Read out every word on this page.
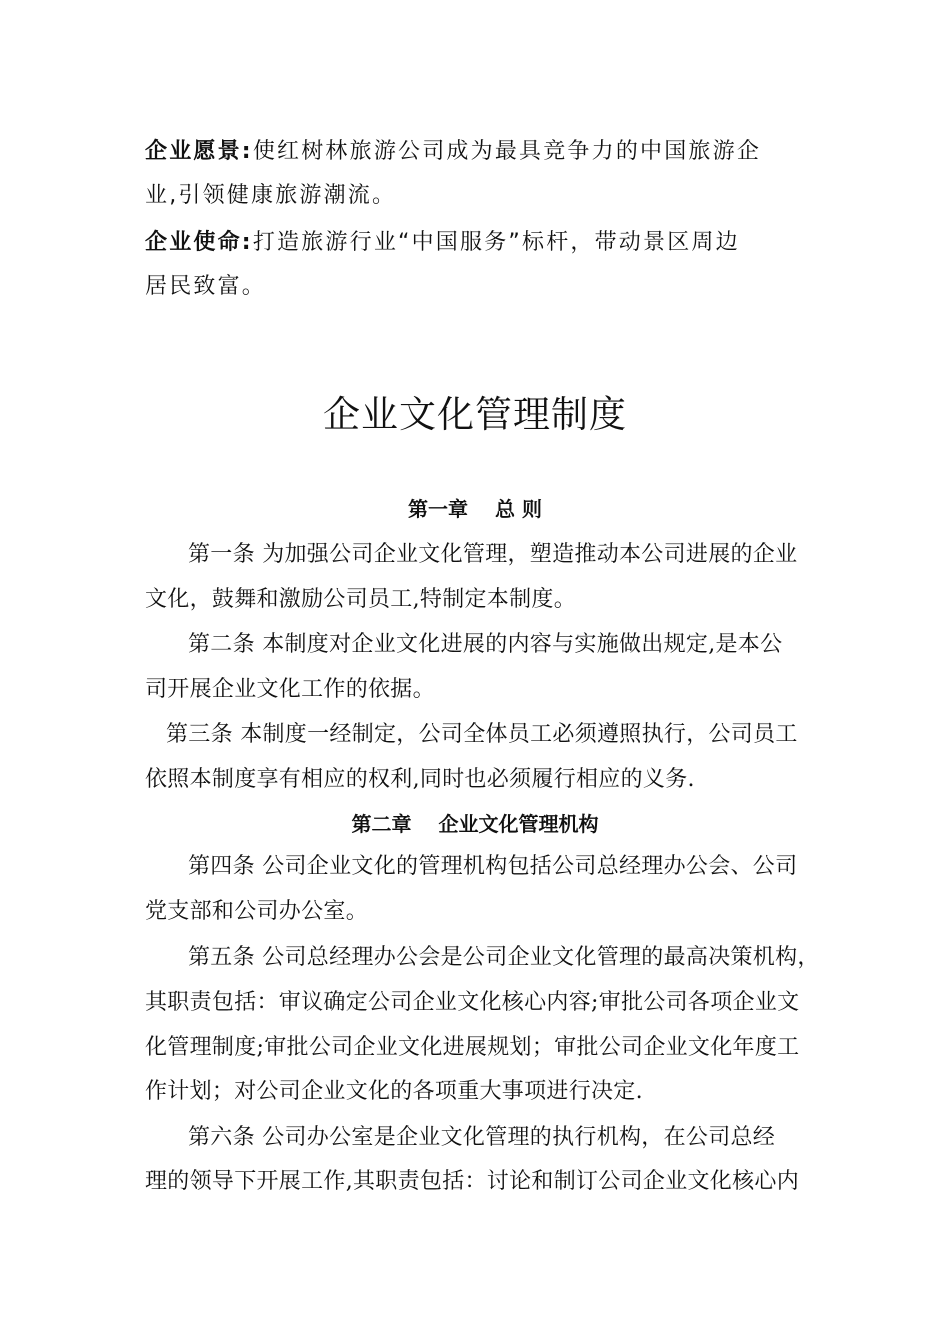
企业愿景:使红树林旅游公司成为最具竞争力的中国旅游企
业,引领健康旅游潮流。
企业使命:打造旅游行业“中国服务”标杆，带动景区周边
居民致富。
企业文化管理制度
第一章　 总 则
第一条 为加强公司企业文化管理，塑造推动本公司进展的企业
文化，鼓舞和激励公司员工,特制定本制度。
第二条 本制度对企业文化进展的内容与实施做出规定,是本公
司开展企业文化工作的依据。
第三条 本制度一经制定，公司全体员工必须遵照执行，公司员工
依照本制度享有相应的权利,同时也必须履行相应的义务.
第二章　 企业文化管理机构
第四条 公司企业文化的管理机构包括公司总经理办公会、公司
党支部和公司办公室。
第五条 公司总经理办公会是公司企业文化管理的最高决策机构，
其职责包括：审议确定公司企业文化核心内容;审批公司各项企业文
化管理制度;审批公司企业文化进展规划；审批公司企业文化年度工
作计划；对公司企业文化的各项重大事项进行决定.
第六条 公司办公室是企业文化管理的执行机构，在公司总经
理的领导下开展工作,其职责包括：讨论和制订公司企业文化核心内
